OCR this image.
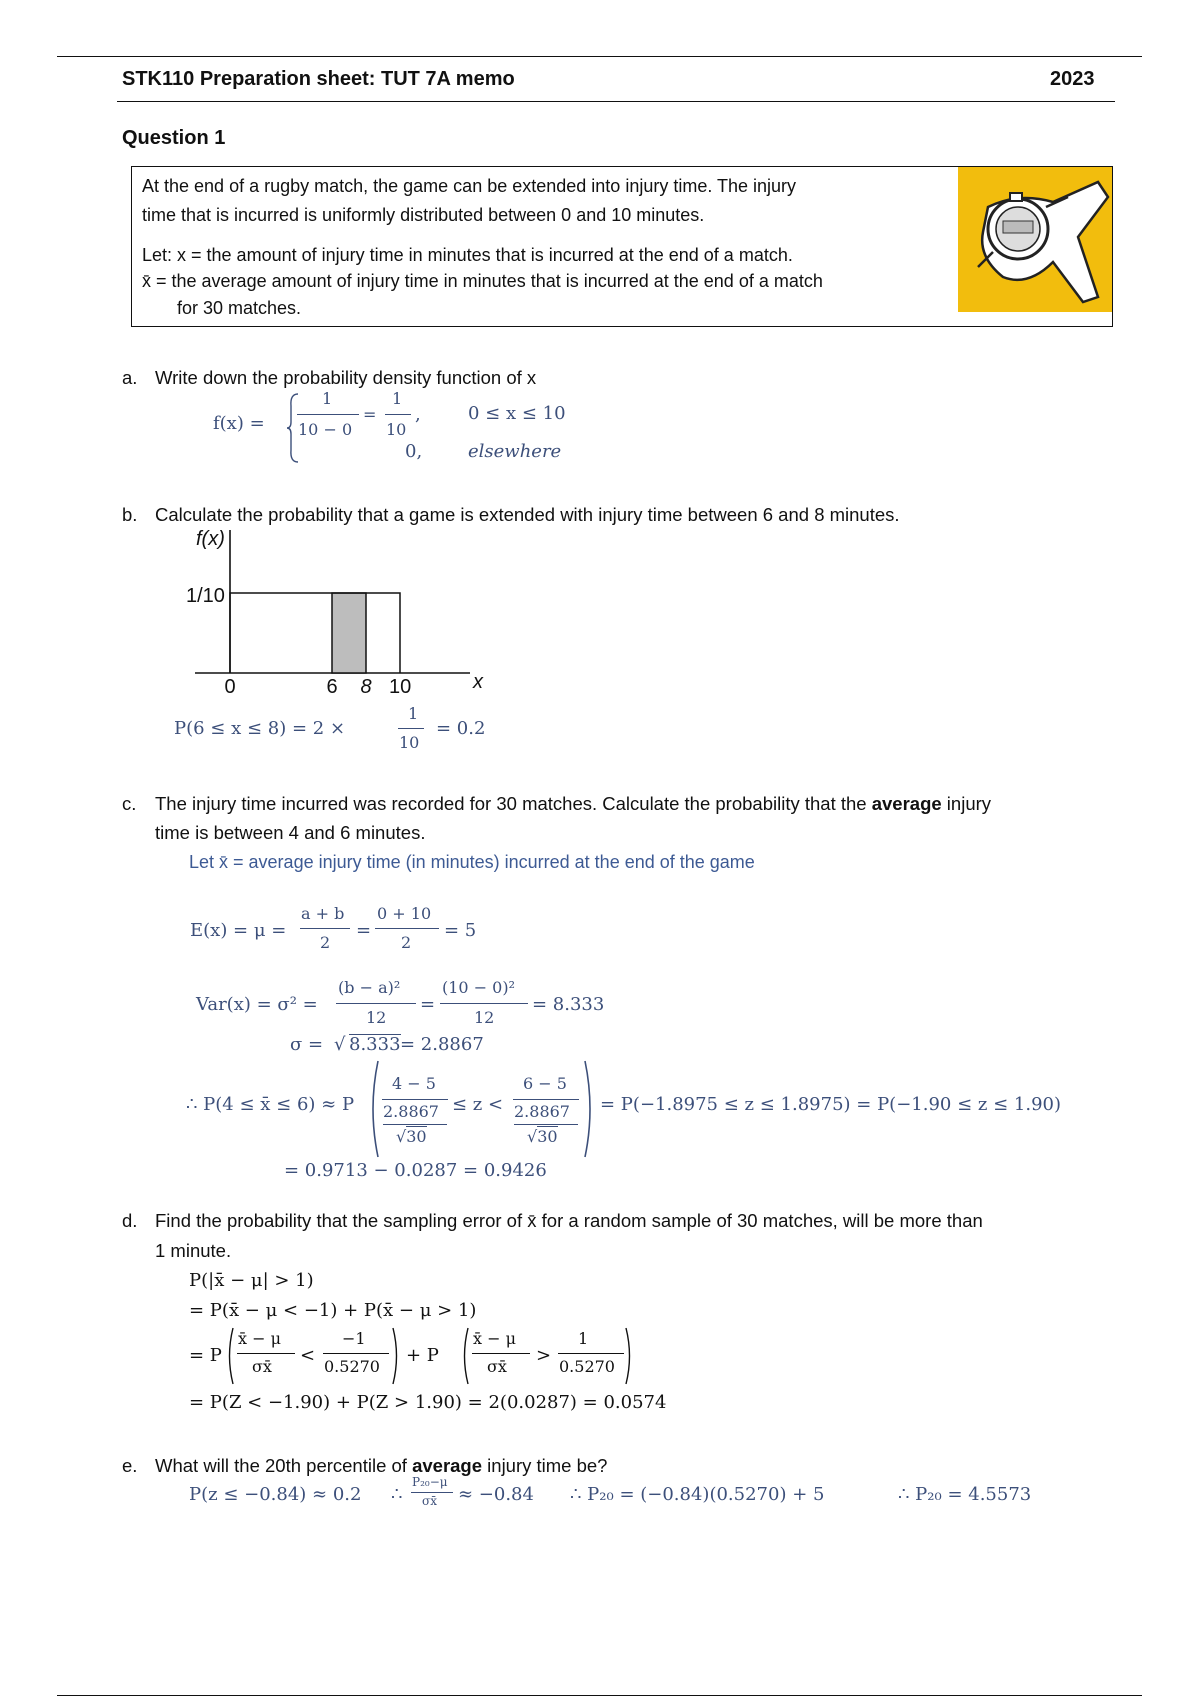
STK110 Preparation sheet: TUT 7A memo	2023
Question 1
At the end of a rugby match, the game can be extended into injury time. The injury
time that is incurred is uniformly distributed between 0 and 10 minutes.
Let: x = the amount of injury time in minutes that is incurred at the end of a match.
x̄ = the average amount of injury time in minutes that is incurred at the end of a match
for 30 matches.
a. Write down the probability density function of x
f(x) =
1
10 − 0
=
1
10
,	0 ≤ x ≤ 10
0,	elsewhere
b. Calculate the probability that a game is extended with injury time between 6 and 8 minutes.
f(x)
1/10
0	6 8 10	x
P(6 ≤ x ≤ 8) = 2 ×
1
10
= 0.2
c. The injury time incurred was recorded for 30 matches. Calculate the probability that the average injury
time is between 4 and 6 minutes.
Let x̄ = average injury time (in minutes) incurred at the end of the game
E(x) = μ =
a + b
2
=
0 + 10
2
= 5
Var(x) = σ² =
(b − a)²
12
=
(10 − 0)²
12
= 8.333
σ = √ 8.333 = 2.8867
∴ P(4 ≤ x̄ ≤ 6) ≈ P
4 − 5
2.8867
√30
≤ z <
6 − 5
2.8867
√30
= P(−1.8975 ≤ z ≤ 1.8975) = P(−1.90 ≤ z ≤ 1.90)
= 0.9713 − 0.0287 = 0.9426
d. Find the probability that the sampling error of x̄ for a random sample of 30 matches, will be more than
1 minute.
P(|x̄ − μ| > 1)
= P(x̄ − μ < −1) + P(x̄ − μ > 1)
= P
x̄ − μ
σx̄
<
−1
0.5270
+ P
x̄ − μ
σx̄
>
1
0.5270
= P(Z < −1.90) + P(Z > 1.90) = 2(0.0287) = 0.0574
e. What will the 20th percentile of average injury time be?
P(z ≤ −0.84) ≈ 0.2 ∴
P₂₀−μ
σx̄ ≈ −0.84 ∴ P₂₀ = (−0.84)(0.5270) + 5	∴ P₂₀ = 4.5573
